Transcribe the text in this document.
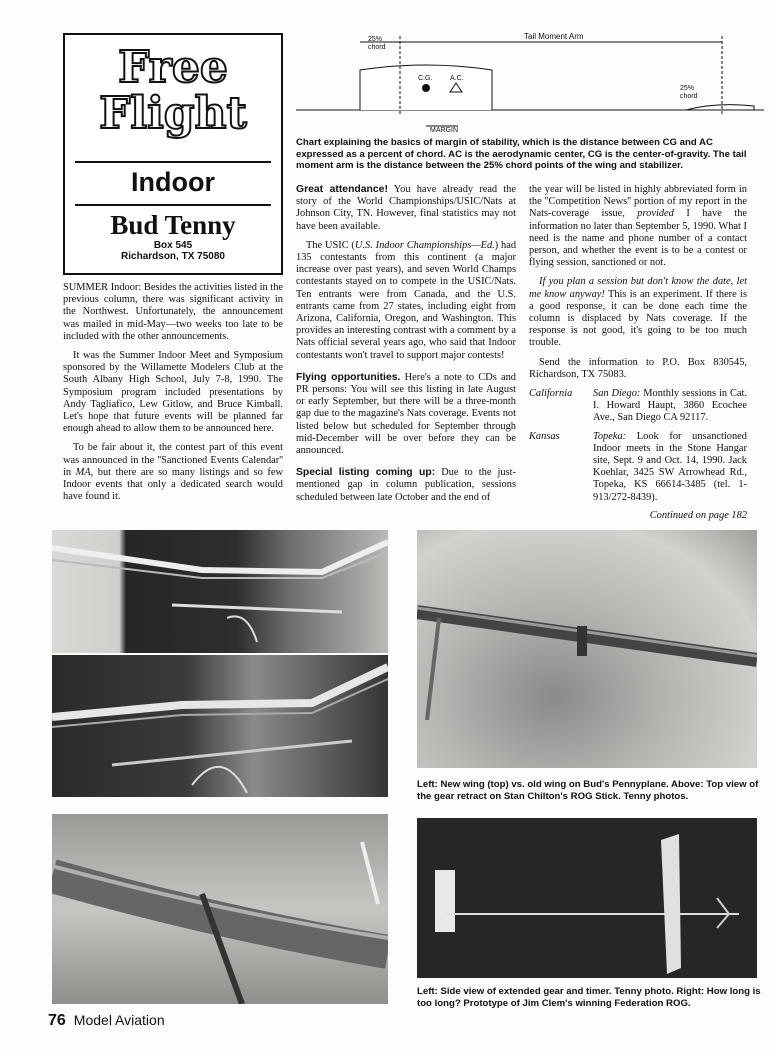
Free
Flight
Indoor
Bud Tenny
Box 545
Richardson, TX 75080
25%
chord
Tail Moment Arm
C.G.	A.C.
25%
chord
MARGIN
Chart explaining the basics of margin of stability, which is the distance between CG and AC expressed as a percent of chord. AC is the aerodynamic center, CG is the center-of-gravity. The tail moment arm is the distance between the 25% chord points of the wing and stabilizer.

SUMMER Indoor: Besides the activities listed in the previous column, there was significant activity in the Northwest. Unfortunately, the announcement was mailed in mid-May—two weeks too late to be included with the other announcements.

It was the Summer Indoor Meet and Symposium sponsored by the Willamette Modelers Club at the South Albany High School, July 7-8, 1990. The Symposium program included presentations by Andy Tagliafico, Lew Gitlow, and Bruce Kimball. Let's hope that future events will be planned far enough ahead to allow them to be announced here.

To be fair about it, the contest part of this event was announced in the ''Sanctioned Events Calendar'' in MA, but there are so many listings and so few Indoor events that only a dedicated search would have found it.

Great attendance! You have already read the story of the World Championships/USIC/Nats at Johnson City, TN. However, final statistics may not have been available.

The USIC (U.S. Indoor Championships—Ed.) had 135 contestants from this continent (a major increase over past years), and seven World Champs contestants stayed on to compete in the USIC/Nats. Ten entrants were from Canada, and the U.S. entrants came from 27 states, including eight from Arizona, California, Oregon, and Washington. This provides an interesting contrast with a comment by a Nats official several years ago, who said that Indoor contestants won't travel to support major contests!

Flying opportunities. Here's a note to CDs and PR persons: You will see this listing in late August or early September, but there will be a three-month gap due to the magazine's Nats coverage. Events not listed below but scheduled for September through mid-December will be over before they can be announced.

Special listing coming up: Due to the just-mentioned gap in column publication, sessions scheduled between late October and the end of

the year will be listed in highly abbreviated form in the ''Competition News'' portion of my report in the Nats-coverage issue, provided I have the information no later than September 5, 1990. What I need is the name and phone number of a contact person, and whether the event is to be a contest or flying session, sanctioned or not.

If you plan a session but don't know the date, let me know anyway! This is an experiment. If there is a good response, it can be done each time the column is displaced by Nats coverage. If the response is not good, it's going to be too much trouble.

Send the information to P.O. Box 830545, Richardson, TX 75083.

California	San Diego: Monthly sessions in Cat. I. Howard Haupt, 3860 Ecochee Ave., San Diego CA 92117.
Kansas	Topeka: Look for unsanctioned Indoor meets in the Stone Hangar site, Sept. 9 and Oct. 14, 1990. Jack Koehlar, 3425 SW Arrowhead Rd., Topeka, KS 66614-3485 (tel. 1-913/272-8439).
Continued on page 182
Left: New wing (top) vs. old wing on Bud's Pennyplane. Above: Top view of the gear retract on Stan Chilton's ROG Stick. Tenny photos.
Left: Side view of extended gear and timer. Tenny photo. Right: How long is too long? Prototype of Jim Clem's winning Federation ROG.
76 Model Aviation
